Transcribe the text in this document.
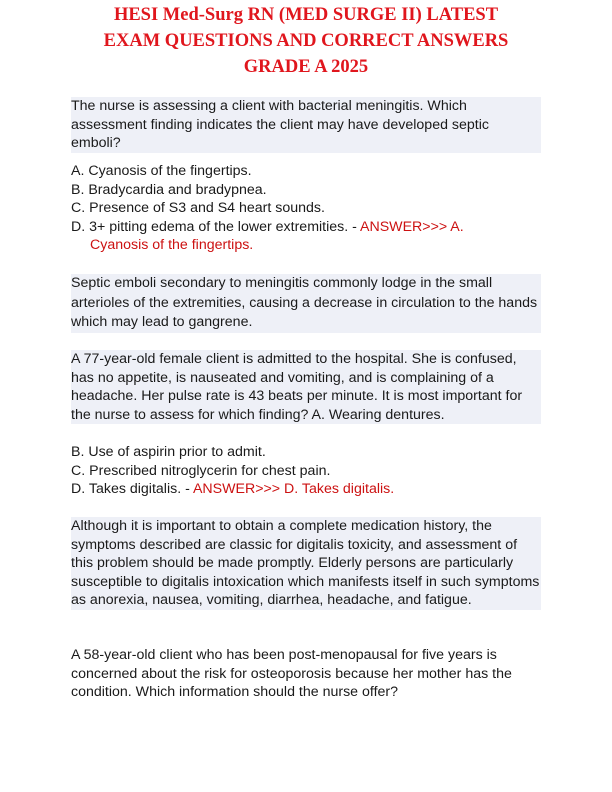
HESI Med-Surg RN (MED SURGE II) LATEST
EXAM QUESTIONS AND CORRECT ANSWERS
GRADE A 2025
The nurse is assessing a client with bacterial meningitis. Which assessment finding indicates the client may have developed septic emboli?
A. Cyanosis of the fingertips.
B. Bradycardia and bradypnea.
C. Presence of S3 and S4 heart sounds.
D. 3+ pitting edema of the lower extremities. - ANSWER>>> A.
Cyanosis of the fingertips.
Septic emboli secondary to meningitis commonly lodge in the small arterioles of the extremities, causing a decrease in circulation to the hands which may lead to gangrene.
A 77-year-old female client is admitted to the hospital. She is confused, has no appetite, is nauseated and vomiting, and is complaining of a headache. Her pulse rate is 43 beats per minute. It is most important for the nurse to assess for which finding? A. Wearing dentures.
B. Use of aspirin prior to admit.
C. Prescribed nitroglycerin for chest pain.
D. Takes digitalis. - ANSWER>>> D. Takes digitalis.
Although it is important to obtain a complete medication history, the symptoms described are classic for digitalis toxicity, and assessment of this problem should be made promptly. Elderly persons are particularly susceptible to digitalis intoxication which manifests itself in such symptoms as anorexia, nausea, vomiting, diarrhea, headache, and fatigue.
A 58-year-old client who has been post-menopausal for five years is concerned about the risk for osteoporosis because her mother has the condition. Which information should the nurse offer?
